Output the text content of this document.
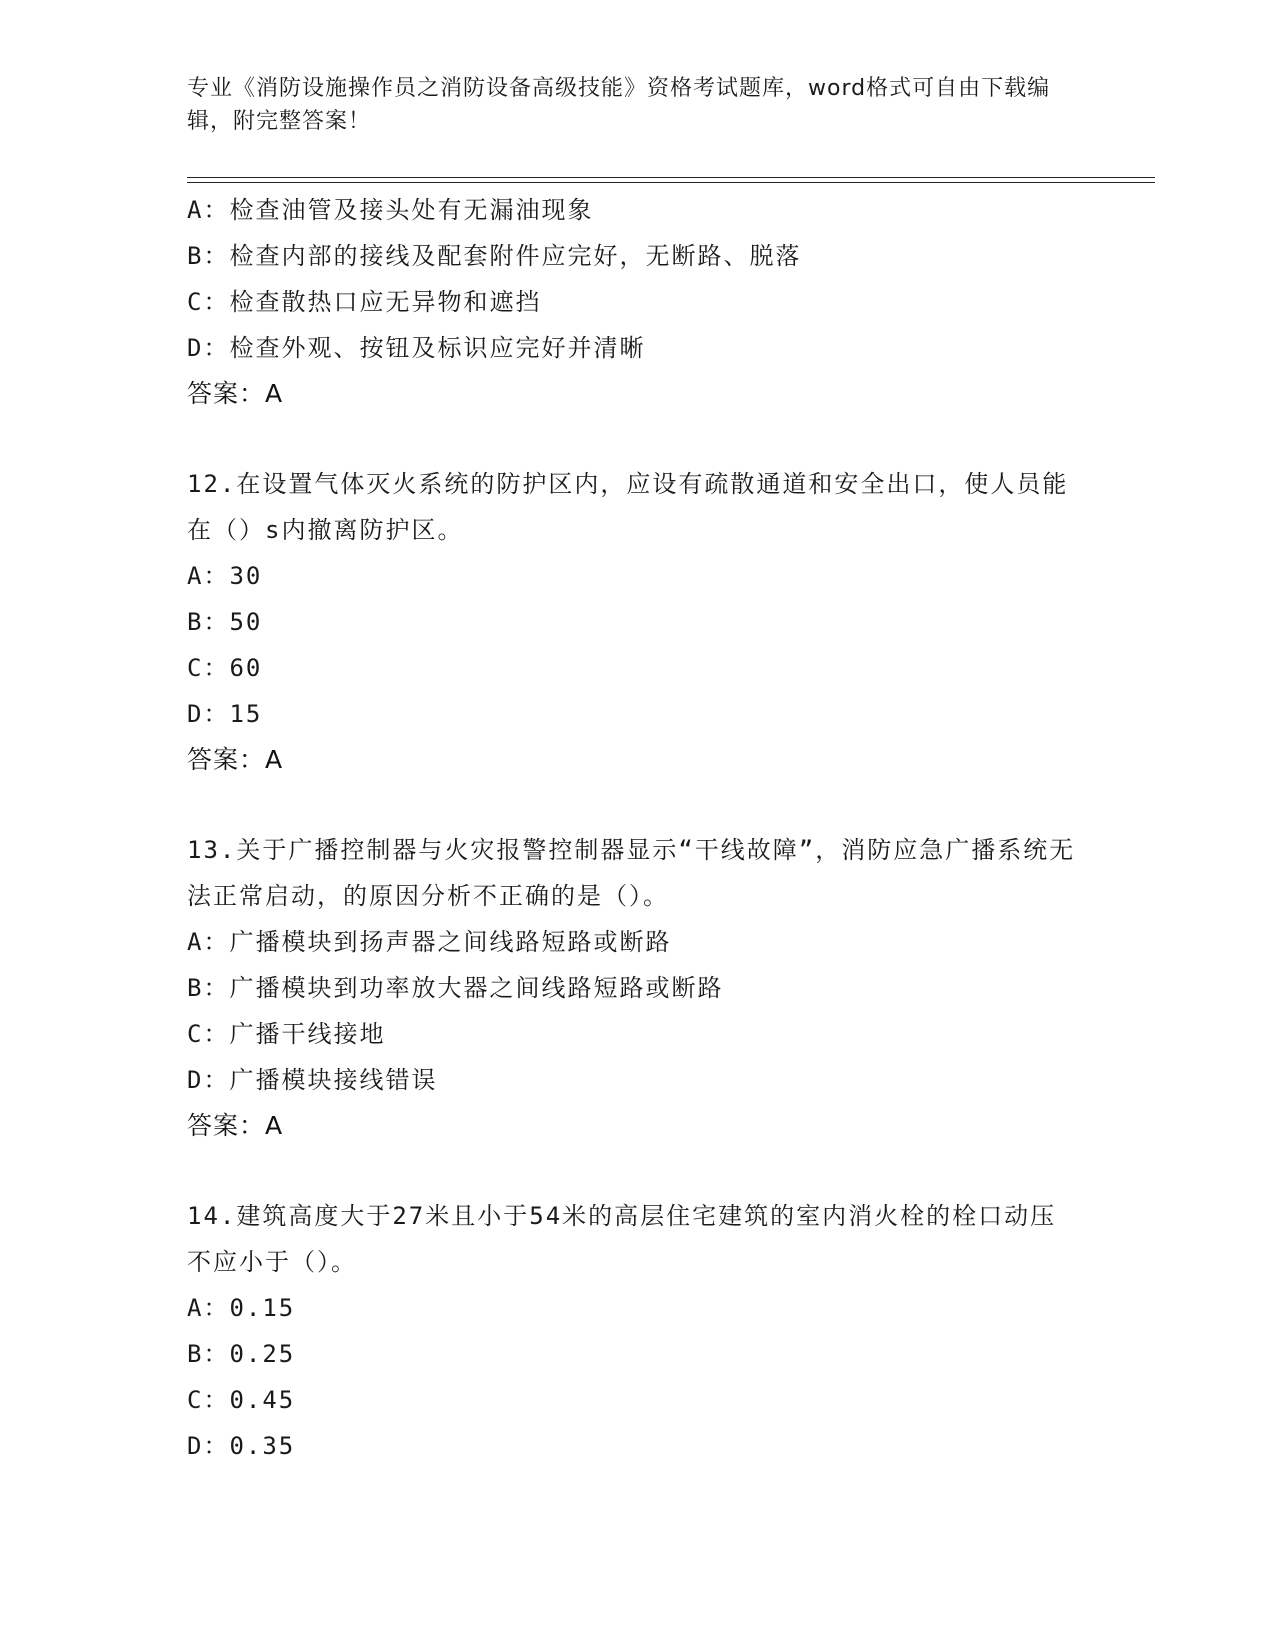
专业《消防设施操作员之消防设备高级技能》资格考试题库，word格式可自由下载编辑，附完整答案！
A：检查油管及接头处有无漏油现象
B：检查内部的接线及配套附件应完好，无断路、脱落
C：检查散热口应无异物和遮挡
D：检查外观、按钮及标识应完好并清晰
答案：A
12.在设置气体灭火系统的防护区内，应设有疏散通道和安全出口，使人员能在（）s内撤离防护区。
A：30
B：50
C：60
D：15
答案：A
13.关于广播控制器与火灾报警控制器显示“干线故障”，消防应急广播系统无法正常启动，的原因分析不正确的是（）。
A：广播模块到扬声器之间线路短路或断路
B：广播模块到功率放大器之间线路短路或断路
C：广播干线接地
D：广播模块接线错误
答案：A
14.建筑高度大于27米且小于54米的高层住宅建筑的室内消火栓的栓口动压不应小于（）。
A：0.15
B：0.25
C：0.45
D：0.35
